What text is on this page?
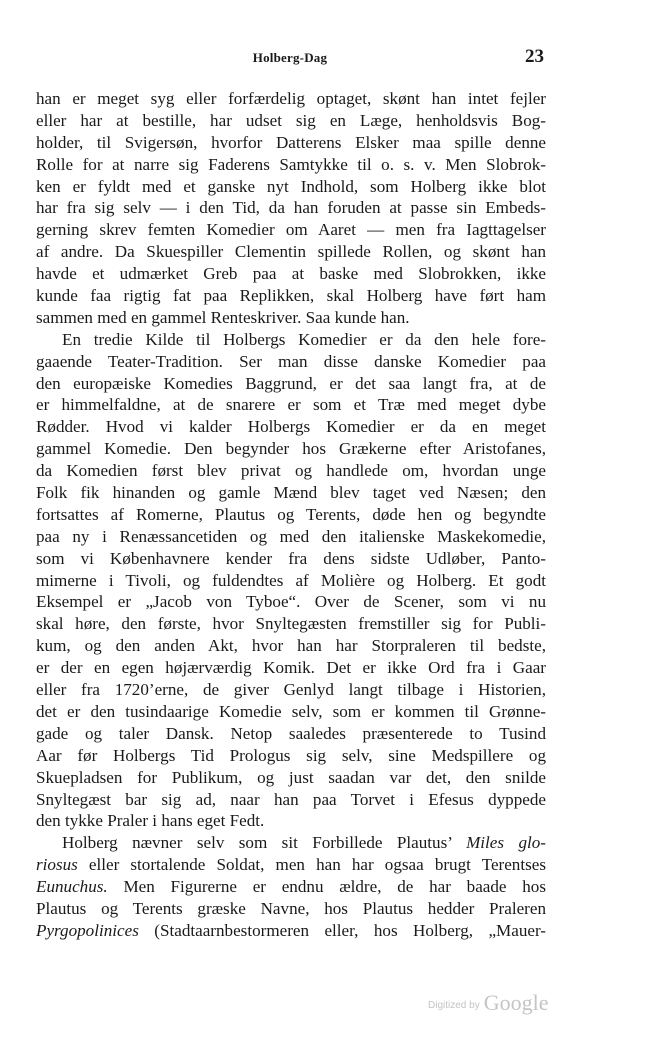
Holberg-Dag	23
han er meget syg eller forfærdelig optaget, skønt han intet fejler
eller har at bestille, har udset sig en Læge, henholdsvis Bog-
holder, til Svigersøn, hvorfor Datterens Elsker maa spille denne
Rolle for at narre sig Faderens Samtykke til o. s. v. Men Slobrok-
ken er fyldt med et ganske nyt Indhold, som Holberg ikke blot
har fra sig selv — i den Tid, da han foruden at passe sin Embeds-
gerning skrev femten Komedier om Aaret — men fra Iagttagelser
af andre. Da Skuespiller Clementin spillede Rollen, og skønt han
havde et udmærket Greb paa at baske med Slobrokken, ikke
kunde faa rigtig fat paa Replikken, skal Holberg have ført ham
sammen med en gammel Renteskriver. Saa kunde han.
En tredie Kilde til Holbergs Komedier er da den hele fore-
gaaende Teater-Tradition. Ser man disse danske Komedier paa
den europæiske Komedies Baggrund, er det saa langt fra, at de
er himmelfaldne, at de snarere er som et Træ med meget dybe
Rødder. Hvod vi kalder Holbergs Komedier er da en meget
gammel Komedie. Den begynder hos Grækerne efter Aristofanes,
da Komedien først blev privat og handlede om, hvordan unge
Folk fik hinanden og gamle Mænd blev taget ved Næsen; den
fortsattes af Romerne, Plautus og Terents, døde hen og begyndte
paa ny i Renæssancetiden og med den italienske Maskekomedie,
som vi Københavnere kender fra dens sidste Udløber, Panto-
mimerne i Tivoli, og fuldendtes af Molière og Holberg. Et godt
Eksempel er „Jacob von Tyboe“. Over de Scener, som vi nu
skal høre, den første, hvor Snyltegæsten fremstiller sig for Publi-
kum, og den anden Akt, hvor han har Storpraleren til bedste,
er der en egen højærværdig Komik. Det er ikke Ord fra i Gaar
eller fra 1720’erne, de giver Genlyd langt tilbage i Historien,
det er den tusindaarige Komedie selv, som er kommen til Grønne-
gade og taler Dansk. Netop saaledes præsenterede to Tusind
Aar før Holbergs Tid Prologus sig selv, sine Medspillere og
Skuepladsen for Publikum, og just saadan var det, den snilde
Snyltegæst bar sig ad, naar han paa Torvet i Efesus dyppede
den tykke Praler i hans eget Fedt.
Holberg nævner selv som sit Forbillede Plautus’ Miles glo-
riosus eller stortalende Soldat, men han har ogsaa brugt Terentses
Eunuchus. Men Figurerne er endnu ældre, de har baade hos
Plautus og Terents græske Navne, hos Plautus hedder Praleren
Pyrgopolinices (Stadtaarnbestormeren eller, hos Holberg, „Mauer-
Digitized by Google
